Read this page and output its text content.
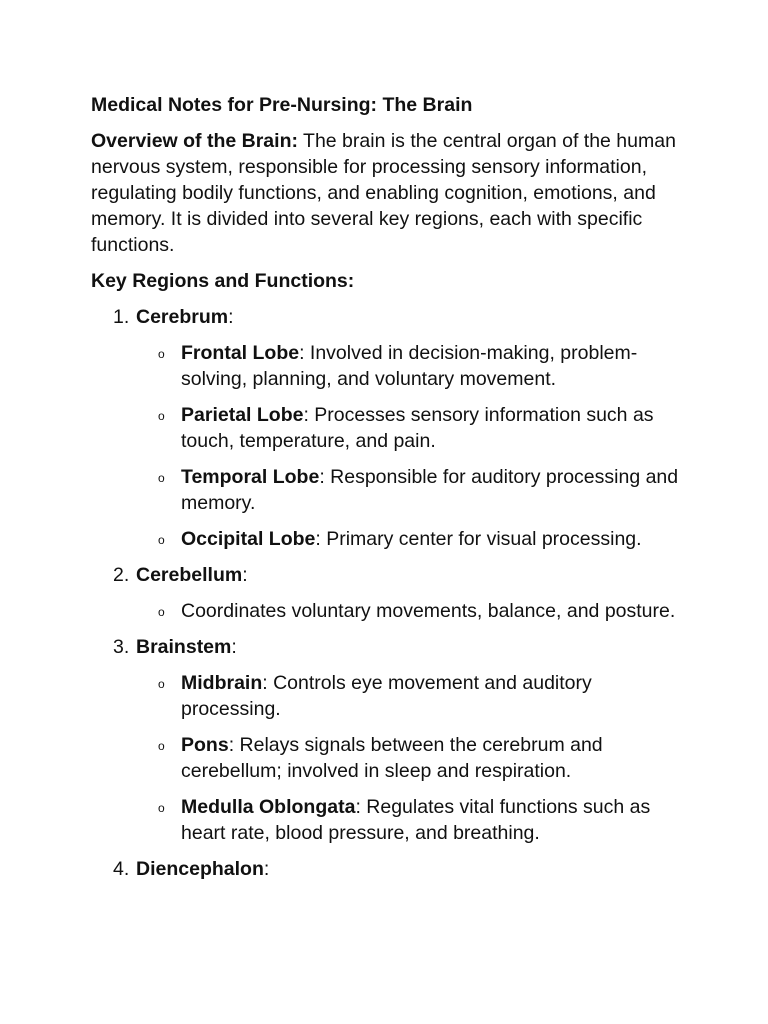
Medical Notes for Pre-Nursing: The Brain
Overview of the Brain: The brain is the central organ of the human nervous system, responsible for processing sensory information, regulating bodily functions, and enabling cognition, emotions, and memory. It is divided into several key regions, each with specific functions.
Key Regions and Functions:
1. Cerebrum:
o Frontal Lobe: Involved in decision-making, problem-solving, planning, and voluntary movement.
o Parietal Lobe: Processes sensory information such as touch, temperature, and pain.
o Temporal Lobe: Responsible for auditory processing and memory.
o Occipital Lobe: Primary center for visual processing.
2. Cerebellum:
o Coordinates voluntary movements, balance, and posture.
3. Brainstem:
o Midbrain: Controls eye movement and auditory processing.
o Pons: Relays signals between the cerebrum and cerebellum; involved in sleep and respiration.
o Medulla Oblongata: Regulates vital functions such as heart rate, blood pressure, and breathing.
4. Diencephalon:
